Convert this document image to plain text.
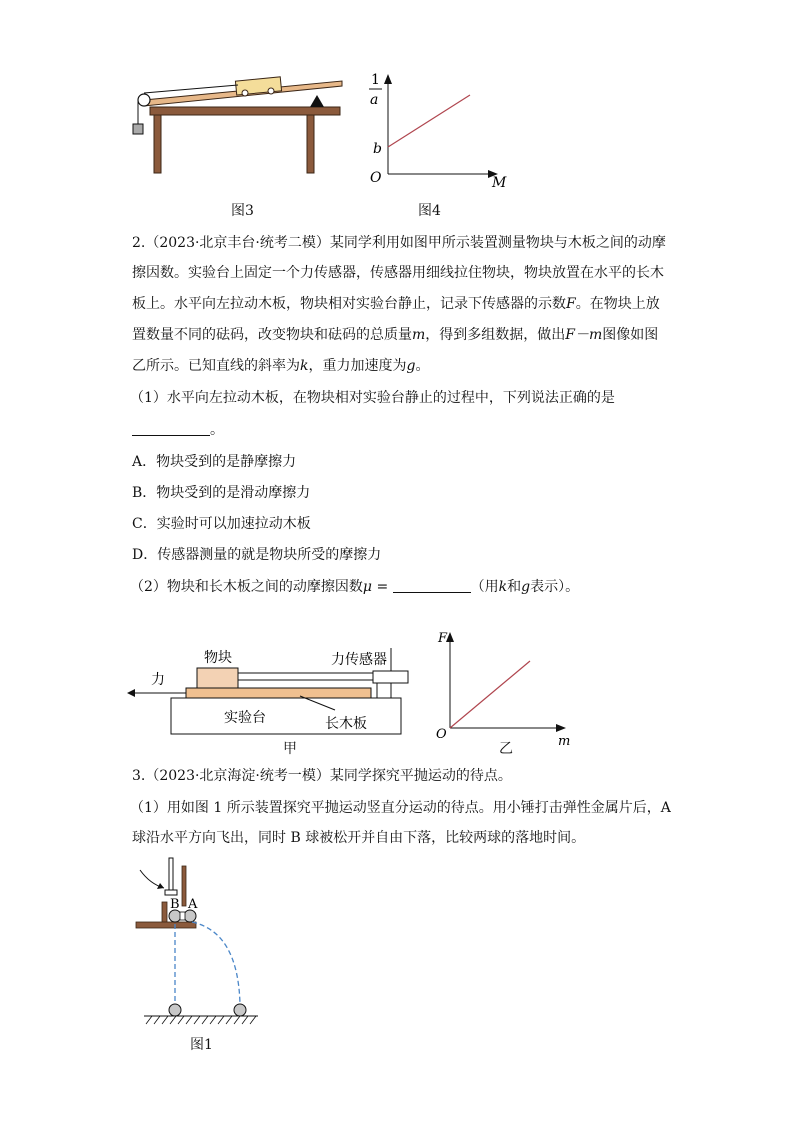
图3
1
a
b
O	M
图4
2.（2023·北京丰台·统考二模）某同学利用如图甲所示装置测量物块与木板之间的动摩
擦因数。实验台上固定一个力传感器，传感器用细线拉住物块，物块放置在水平的长木
板上。水平向左拉动木板，物块相对实验台静止，记录下传感器的示数F。在物块上放
置数量不同的砝码，改变物块和砝码的总质量m，得到多组数据，做出F－m图像如图
乙所示。已知直线的斜率为k，重力加速度为g。
（1）水平向左拉动木板，在物块相对实验台静止的过程中，下列说法正确的是
。
A．物块受到的是静摩擦力
B．物块受到的是滑动摩擦力
C．实验时可以加速拉动木板
D．传感器测量的就是物块所受的摩擦力
（2）物块和长木板之间的动摩擦因数μ =	（用k和g表示）。
物块	力传感器
力
实验台	长木板
甲
F
O	m
乙
3.（2023·北京海淀·统考一模）某同学探究平抛运动的待点。
（1）用如图 1 所示装置探究平抛运动竖直分运动的待点。用小锤打击弹性金属片后，A
球沿水平方向飞出，同时 B 球被松开并自由下落，比较两球的落地时间。
B A
图1
